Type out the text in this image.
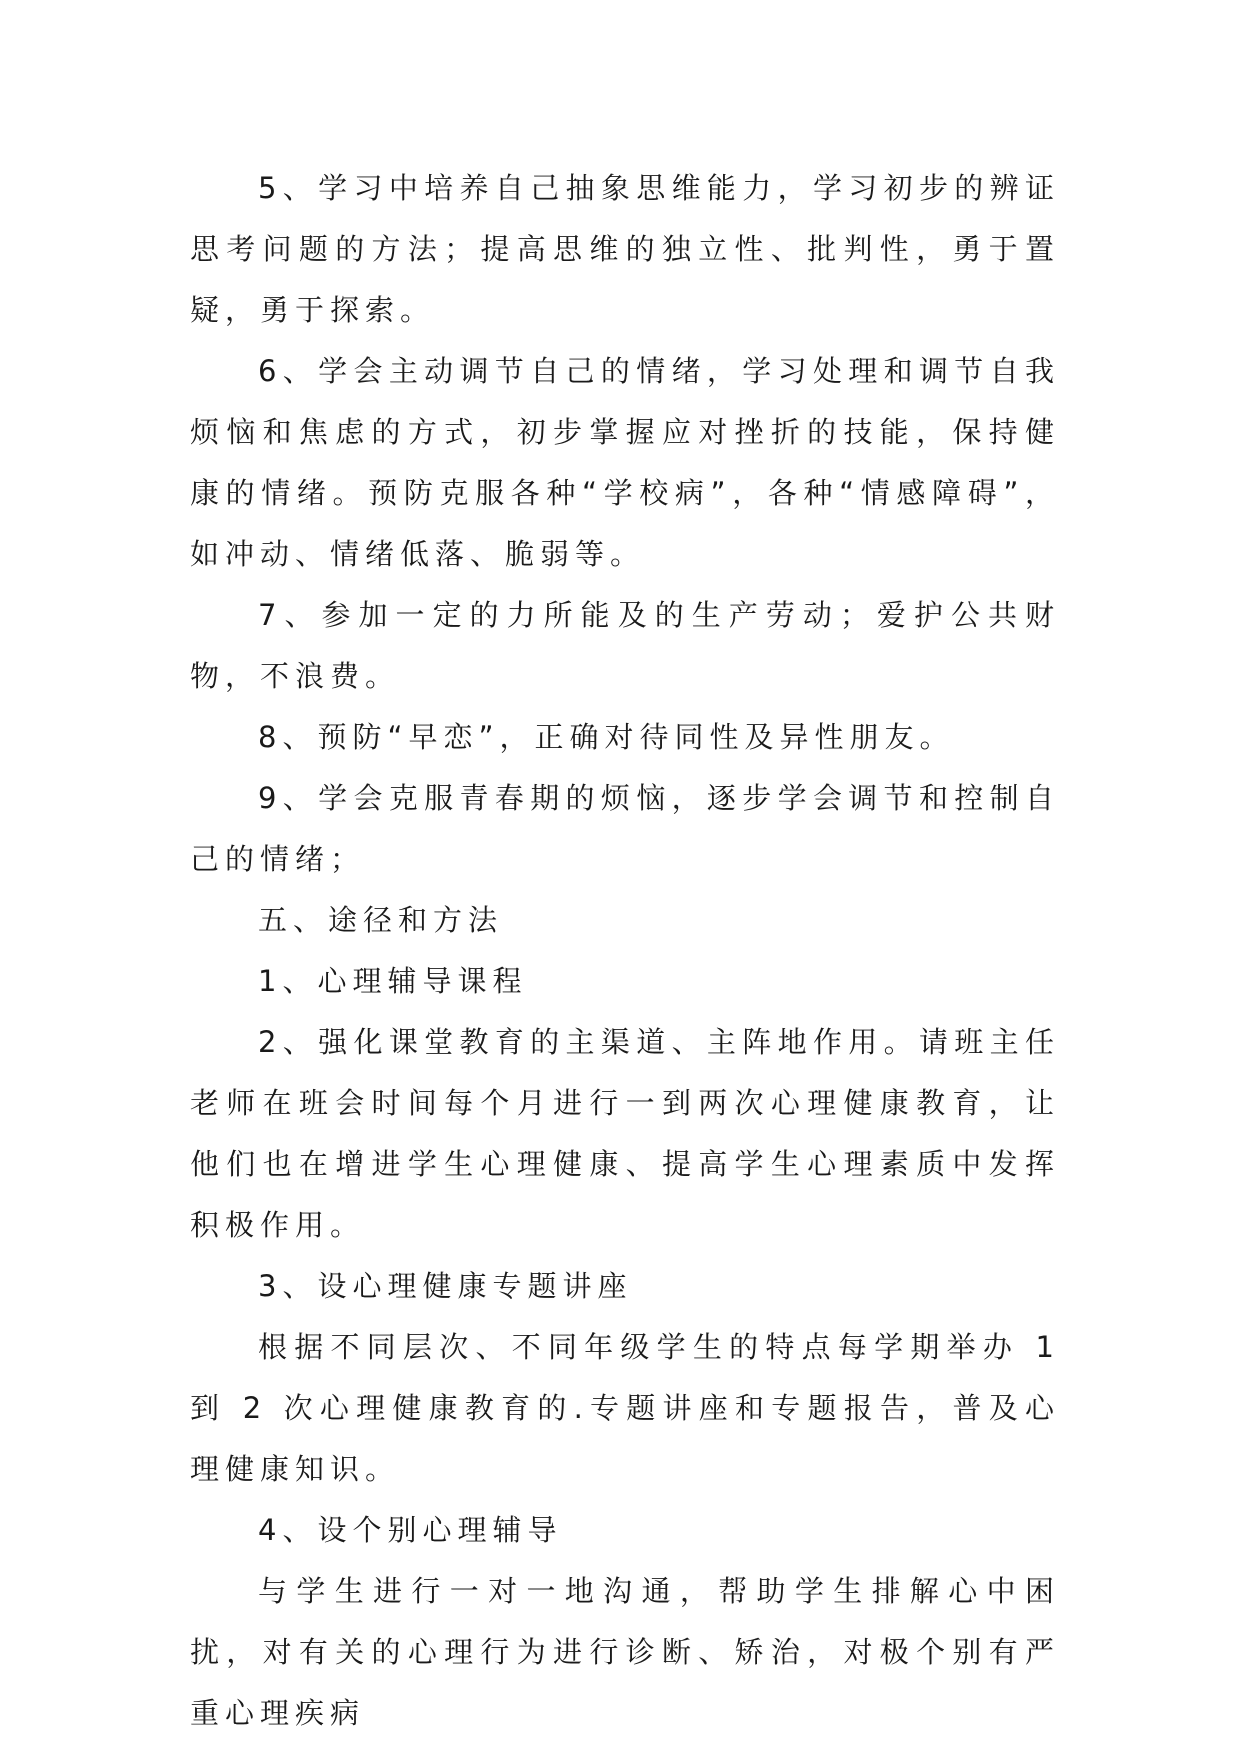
5、学习中培养自己抽象思维能力，学习初步的辨证思考问题的方法；提高思维的独立性、批判性，勇于置疑，勇于探索。

6、学会主动调节自己的情绪，学习处理和调节自我烦恼和焦虑的方式，初步掌握应对挫折的技能，保持健康的情绪。预防克服各种“学校病”，各种“情感障碍”，如冲动、情绪低落、脆弱等。

7、参加一定的力所能及的生产劳动；爱护公共财物，不浪费。

8、预防“早恋”，正确对待同性及异性朋友。

9、学会克服青春期的烦恼，逐步学会调节和控制自己的情绪；

五、途径和方法

1、心理辅导课程

2、强化课堂教育的主渠道、主阵地作用。请班主任老师在班会时间每个月进行一到两次心理健康教育，让他们也在增进学生心理健康、提高学生心理素质中发挥积极作用。

3、设心理健康专题讲座

根据不同层次、不同年级学生的特点每学期举办 1 到 2 次心理健康教育的.专题讲座和专题报告，普及心理健康知识。

4、设个别心理辅导

与学生进行一对一地沟通，帮助学生排解心中困扰，对有关的心理行为进行诊断、矫治，对极个别有严重心理疾病
